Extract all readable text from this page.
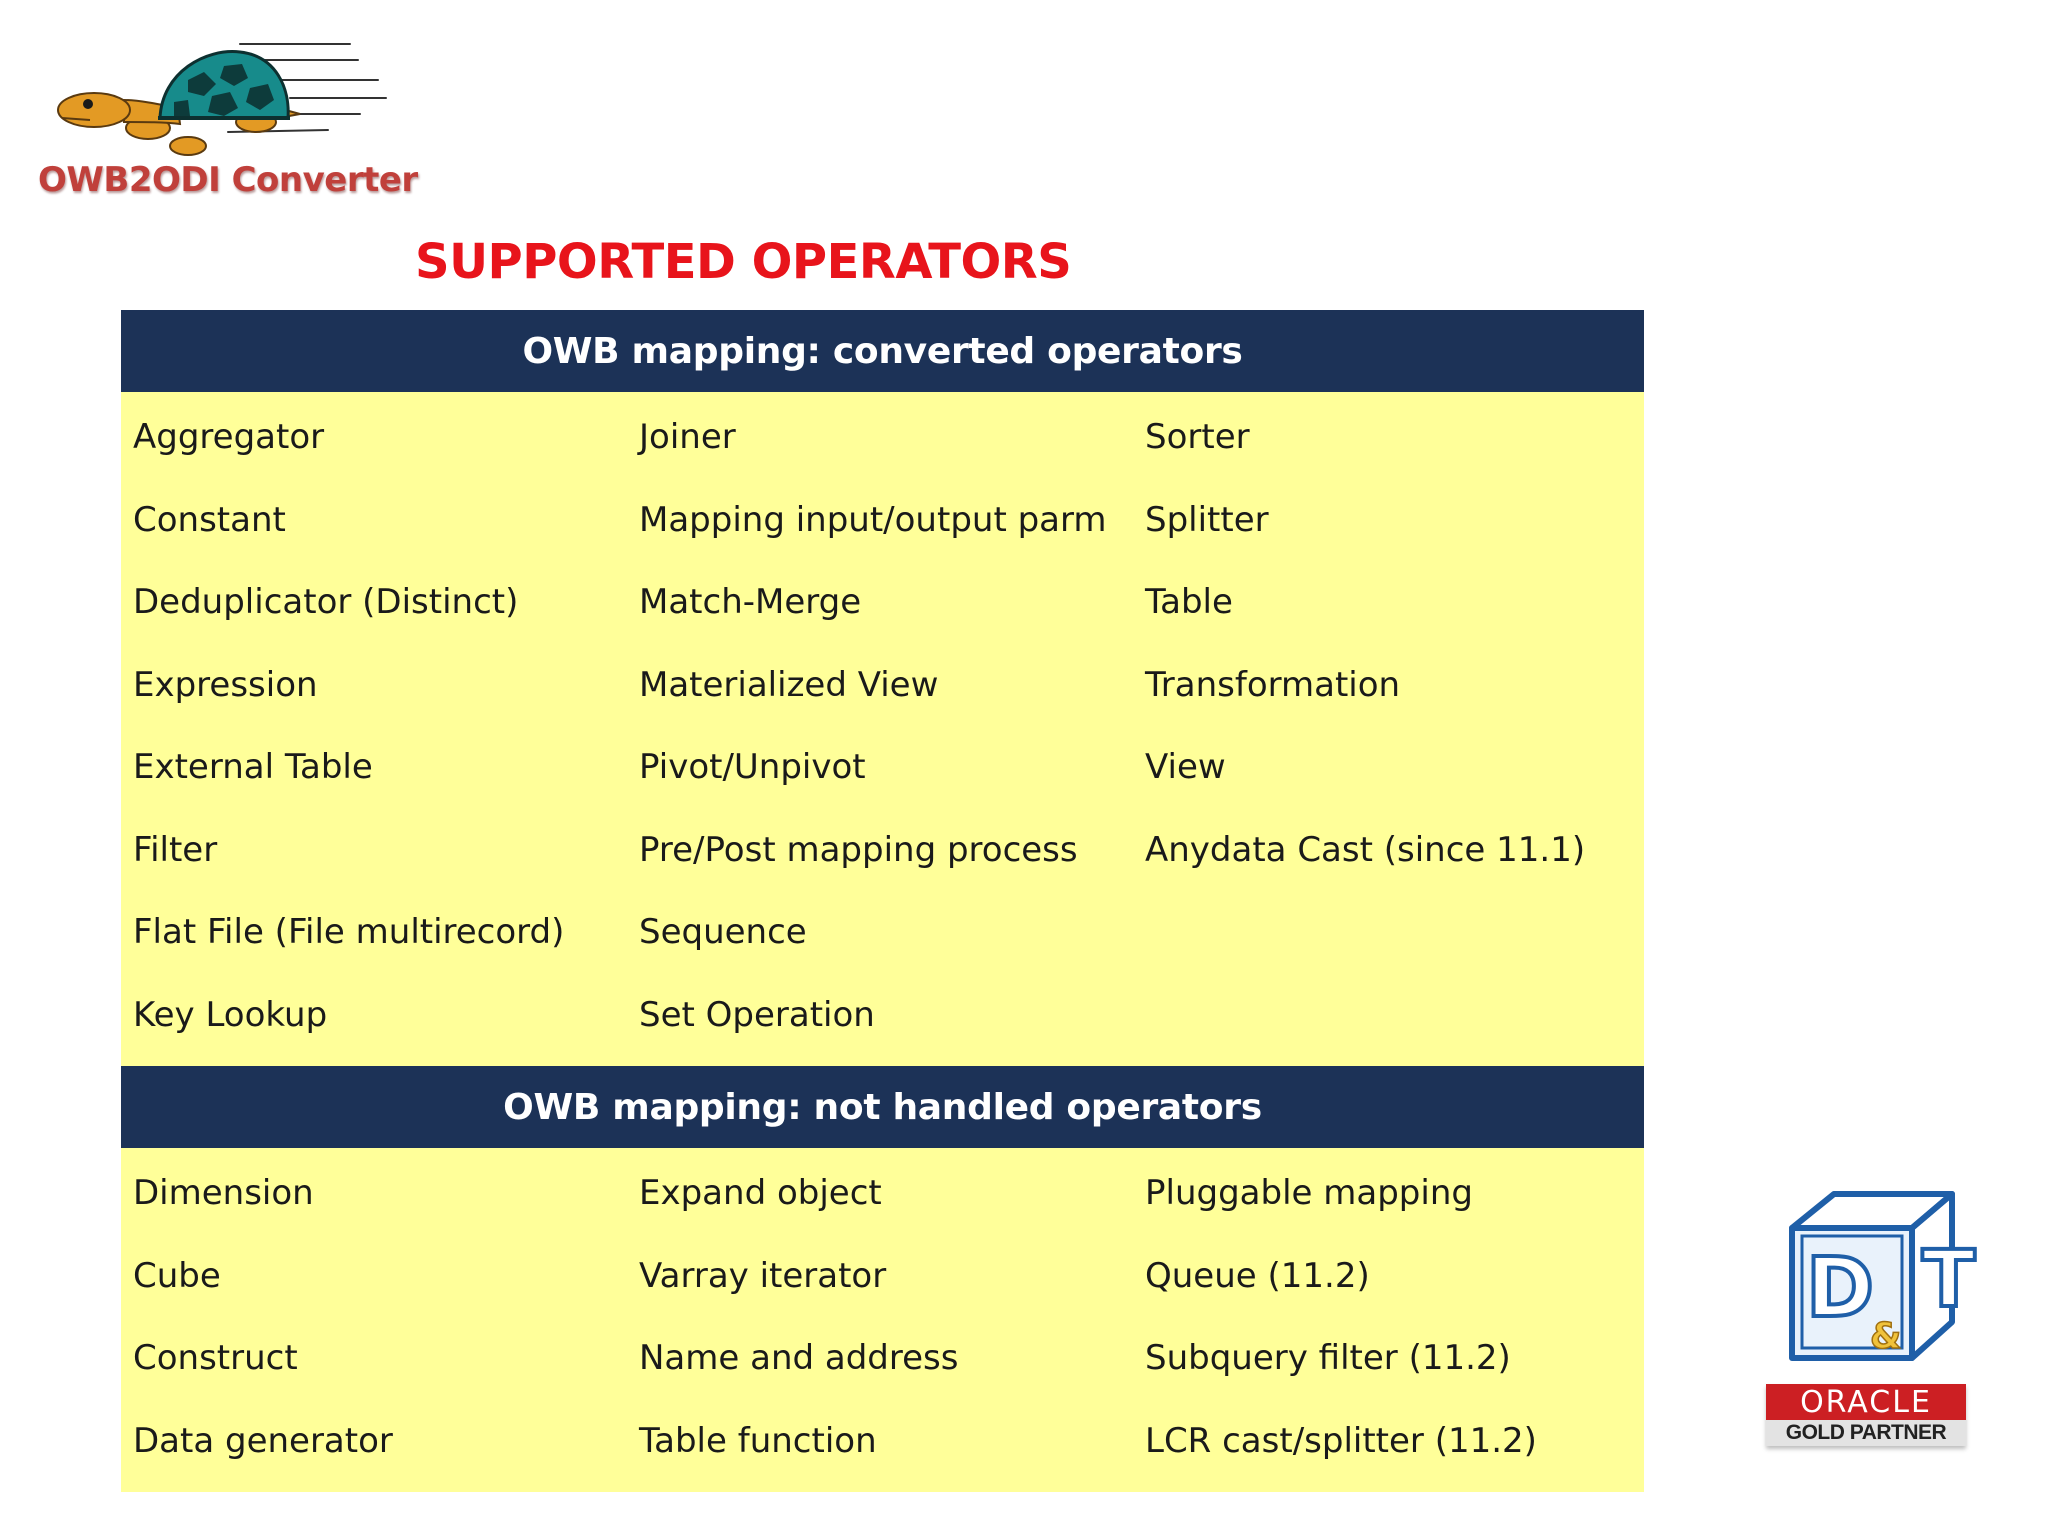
OWB2ODI Converter
SUPPORTED OPERATORS
OWB mapping: converted operators
Aggregator	Joiner	Sorter
Constant	Mapping input/output parm	Splitter
Deduplicator (Distinct)	Match-Merge	Table
Expression	Materialized View	Transformation
External Table	Pivot/Unpivot	View
Filter	Pre/Post mapping process	Anydata Cast (since 11.1)
Flat File (File multirecord)	Sequence
Key Lookup	Set Operation
OWB mapping: not handled operators
Dimension	Expand object	Pluggable mapping
Cube	Varray iterator	Queue (11.2)
Construct	Name and address	Subquery filter (11.2)
Data generator	Table function	LCR cast/splitter (11.2)
D T
&
ORACLE
GOLD PARTNER
